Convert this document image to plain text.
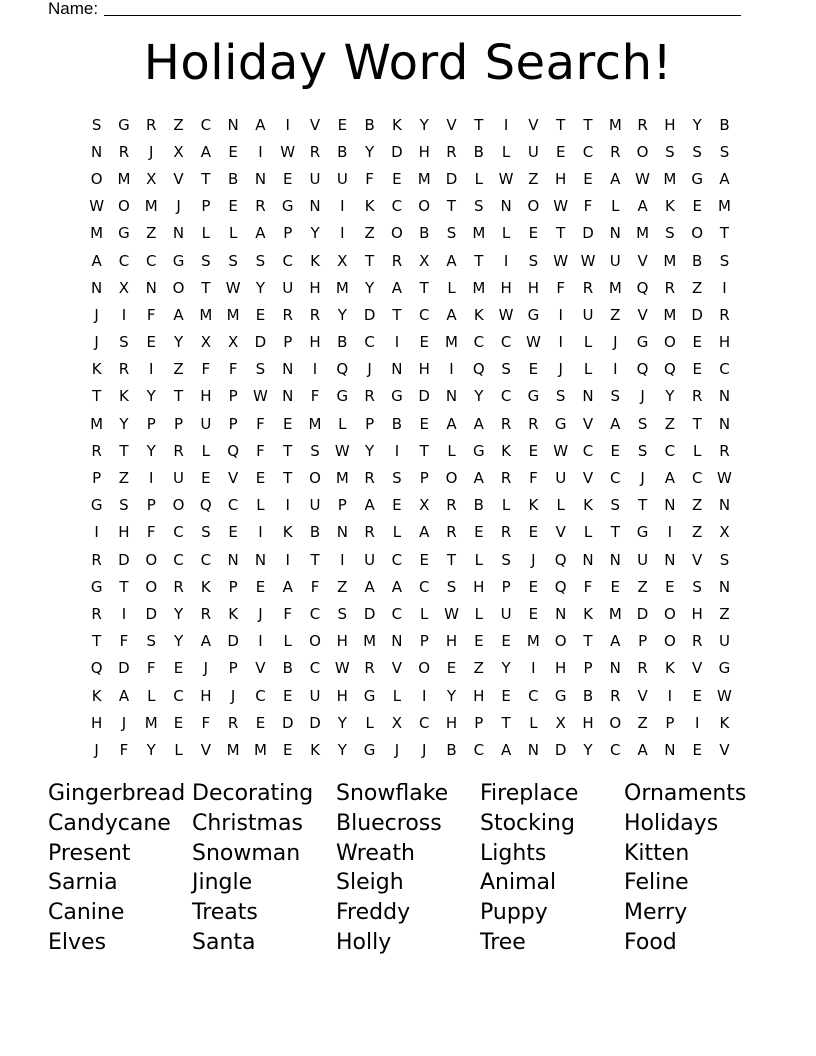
Name:
Holiday Word Search!
S	G	R	Z	C	N	A	I	V	E	B	K	Y	V	T	I	V	T	T	M	R	H	Y	B
N	R	J	X	A	E	I	W R	B	Y	D	H	R	B	L	U	E	C	R	O	S	S	S
O M	X	V	T	B	N	E	U	U	F	E	M	D	L	W Z	H	E	A W M	G	A
W O M	J	P	E	R	G	N	I	K	C	O	T	S	N	O W	F	L	A	K	E	M
M	G	Z	N	L	L	A	P	Y	I	Z	O	B	S	M	L	E	T	D	N	M	S	O	T
A	C	C	G	S	S	S	C	K	X	T	R	X	A	T	I	S	W W U	V	M	B	S
N	X	N	O	T	W	Y	U	H	M	Y	A	T	L	M	H	H	F	R	M Q	R	Z	I
J	I	F	A	M M	E	R	R	Y	D	T	C	A	K W G	I	U	Z	V	M	D	R
J	S	E	Y	X	X	D	P	H	B	C	I	E	M	C	C W	I	L	J	G	O	E	H
K	R	I	Z	F	F	S	N	I	Q	J	N	H	I	Q	S	E	J	L	I	Q	Q	E	C
T	K	Y	T	H	P	W N	F	G	R	G	D	N	Y	C	G	S	N	S	J	Y	R	N
M	Y	P	P	U	P	F	E	M	L	P	B	E	A	A	R	R	G	V	A	S	Z	T	N
R	T	Y	R	L	Q	F	T	S	W	Y	I	T	L	G	K	E	W C	E	S	C	L	R
P	Z	I	U	E	V	E	T	O M	R	S	P	O	A	R	F	U	V	C	J	A	C W
G	S	P	O	Q	C	L	I	U	P	A	E	X	R	B	L	K	L	K	S	T	N	Z	N
I	H	F	C	S	E	I	K	B	N	R	L	A	R	E	R	E	V	L	T	G	I	Z	X
R	D	O	C	C	N	N	I	T	I	U	C	E	T	L	S	J	Q	N	N	U	N	V	S
G	T	O	R	K	P	E	A	F	Z	A	A	C	S	H	P	E	Q	F	E	Z	E	S	N
R	I	D	Y	R	K	J	F	C	S	D	C	L	W	L	U	E	N	K	M	D	O	H	Z
T	F	S	Y	A	D	I	L	O	H	M	N	P	H	E	E	M O	T	A	P	O	R	U
Q	D	F	E	J	P	V	B	C W R	V	O	E	Z	Y	I	H	P	N	R	K	V	G
K	A	L	C	H	J	C	E	U	H	G	L	I	Y	H	E	C	G	B	R	V	I	E	W
H	J	M	E	F	R	E	D	D	Y	L	X	C	H	P	T	L	X	H	O	Z	P	I	K
J	F	Y	L	V	M M	E	K	Y	G	J	J	B	C	A	N	D	Y	C	A	N	E	V
Gingerbread Decorating	Snowflake	Fireplace	Ornaments
Candycane Christmas	Bluecross	Stocking	Holidays
Present	Snowman	Wreath	Lights	Kitten
Sarnia	Jingle	Sleigh	Animal	Feline
Canine	Treats	Freddy	Puppy	Merry
Elves	Santa	Holly	Tree	Food
